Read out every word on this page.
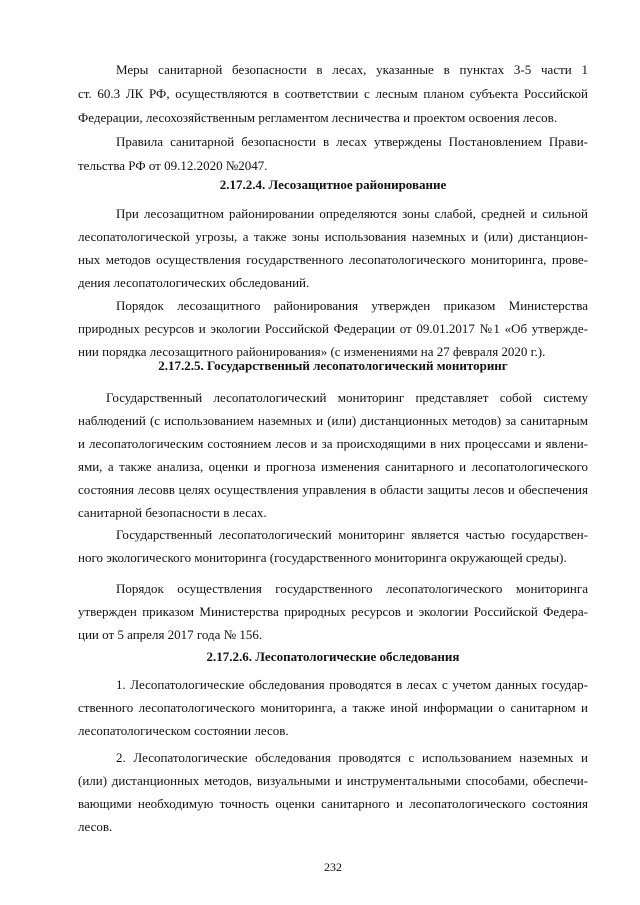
Меры санитарной безопасности в лесах, указанные в пунктах 3-5 части 1
ст. 60.3 ЛК РФ, осуществляются в соответствии с лесным планом субъекта Российской
Федерации, лесохозяйственным регламентом лесничества и проектом освоения лесов.
Правила санитарной безопасности в лесах утверждены Постановлением Прави-
тельства РФ от 09.12.2020 №2047.
2.17.2.4. Лесозащитное районирование
При лесозащитном районировании определяются зоны слабой, средней и сильной
лесопатологической угрозы, а также зоны использования наземных и (или) дистанцион-
ных методов осуществления государственного лесопатологического мониторинга, прове-
дения лесопатологических обследований.
Порядок лесозащитного районирования утвержден приказом Министерства
природных ресурсов и экологии Российской Федерации от 09.01.2017 №1 «Об утвержде-
нии порядка лесозащитного районирования» (с изменениями на 27 февраля 2020 г.).
2.17.2.5. Государственный лесопатологический мониторинг
Государственный лесопатологический мониторинг представляет собой систему
наблюдений (с использованием наземных и (или) дистанционных методов) за санитарным
и лесопатологическим состоянием лесов и за происходящими в них процессами и явлени-
ями, а также анализа, оценки и прогноза изменения санитарного и лесопатологического
состояния лесовв целях осуществления управления в области защиты лесов и обеспечения
санитарной безопасности в лесах.
Государственный лесопатологический мониторинг является частью государствен-
ного экологического мониторинга (государственного мониторинга окружающей среды).
Порядок осуществления государственного лесопатологического мониторинга
утвержден приказом Министерства природных ресурсов и экологии Российской Федера-
ции от 5 апреля 2017 года № 156.
2.17.2.6. Лесопатологические обследования
1. Лесопатологические обследования проводятся в лесах с учетом данных государ-
ственного лесопатологического мониторинга, а также иной информации о санитарном и
лесопатологическом состоянии лесов.
2. Лесопатологические обследования проводятся с использованием наземных и
(или) дистанционных методов, визуальными и инструментальными способами, обеспечи-
вающими необходимую точность оценки санитарного и лесопатологического состояния
лесов.
232
